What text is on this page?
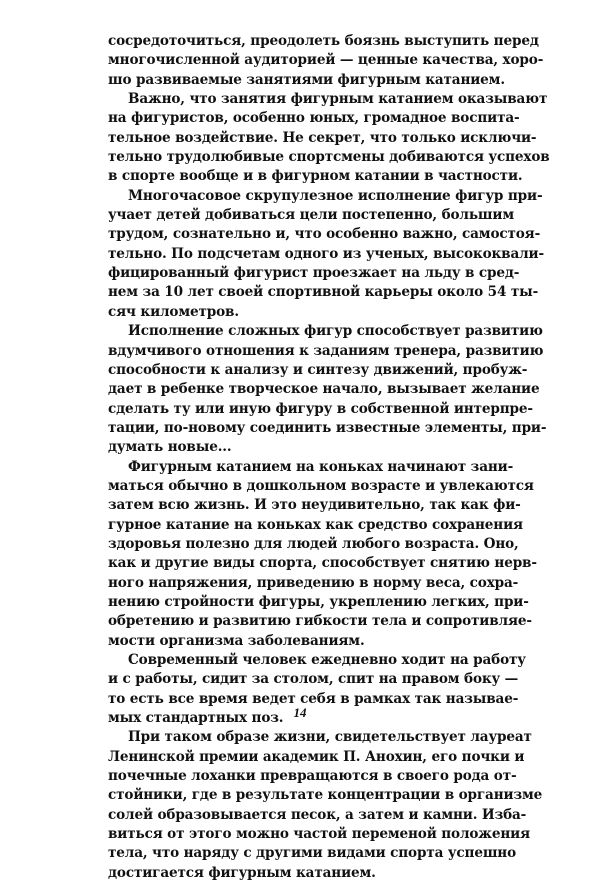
сосредоточиться, преодолеть боязнь выступить перед
многочисленной аудиторией — ценные качества, хоро-
шо развиваемые занятиями фигурным катанием.
Важно, что занятия фигурным катанием оказывают
на фигуристов, особенно юных, громадное воспита-
тельное воздействие. Не секрет, что только исключи-
тельно трудолюбивые спортсмены добиваются успехов
в спорте вообще и в фигурном катании в частности.
Многочасовое скрупулезное исполнение фигур при-
учает детей добиваться цели постепенно, большим
трудом, сознательно и, что особенно важно, самостоя-
тельно. По подсчетам одного из ученых, высококвали-
фицированный фигурист проезжает на льду в сред-
нем за 10 лет своей спортивной карьеры около 54 ты-
сяч километров.
Исполнение сложных фигур способствует развитию
вдумчивого отношения к заданиям тренера, развитию
способности к анализу и синтезу движений, пробуж-
дает в ребенке творческое начало, вызывает желание
сделать ту или иную фигуру в собственной интерпре-
тации, по-новому соединить известные элементы, при-
думать новые...
Фигурным катанием на коньках начинают зани-
маться обычно в дошкольном возрасте и увлекаются
затем всю жизнь. И это неудивительно, так как фи-
гурное катание на коньках как средство сохранения
здоровья полезно для людей любого возраста. Оно,
как и другие виды спорта, способствует снятию нерв-
ного напряжения, приведению в норму веса, сохра-
нению стройности фигуры, укреплению легких, при-
обретению и развитию гибкости тела и сопротивляе-
мости организма заболеваниям.
Современный человек ежедневно ходит на работу
и с работы, сидит за столом, спит на правом боку —
то есть все время ведет себя в рамках так называе-
мых стандартных поз.
При таком образе жизни, свидетельствует лауреат
Ленинской премии академик П. Анохин, его почки и
почечные лоханки превращаются в своего рода от-
стойники, где в результате концентрации в организме
солей образовывается песок, а затем и камни. Изба-
виться от этого можно частой переменой положения
тела, что наряду с другими видами спорта успешно
достигается фигурным катанием.
14
